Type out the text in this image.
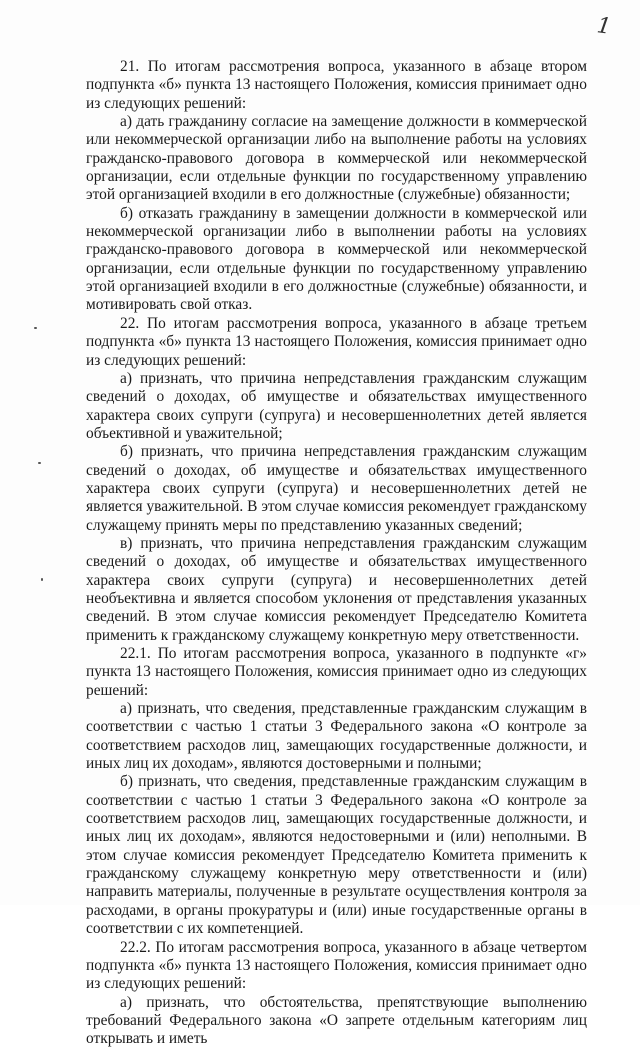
1

21. По итогам рассмотрения вопроса, указанного в абзаце втором подпункта «б» пункта 13 настоящего Положения, комиссия принимает одно из следующих решений:

а) дать гражданину согласие на замещение должности в коммерческой или некоммерческой организации либо на выполнение работы на условиях гражданско-правового договора в коммерческой или некоммерческой организации, если отдельные функции по государственному управлению этой организацией входили в его должностные (служебные) обязанности;

б) отказать гражданину в замещении должности в коммерческой или некоммерческой организации либо в выполнении работы на условиях гражданско-правового договора в коммерческой или некоммерческой организации, если отдельные функции по государственному управлению этой организацией входили в его должностные (служебные) обязанности, и мотивировать свой отказ.

22. По итогам рассмотрения вопроса, указанного в абзаце третьем подпункта «б» пункта 13 настоящего Положения, комиссия принимает одно из следующих решений:

а) признать, что причина непредставления гражданским служащим сведений о доходах, об имуществе и обязательствах имущественного характера своих супруги (супруга) и несовершеннолетних детей является объективной и уважительной;

б) признать, что причина непредставления гражданским служащим сведений о доходах, об имуществе и обязательствах имущественного характера своих супруги (супруга) и несовершеннолетних детей не является уважительной. В этом случае комиссия рекомендует гражданскому служащему принять меры по представлению указанных сведений;

в) признать, что причина непредставления гражданским служащим сведений о доходах, об имуществе и обязательствах имущественного характера своих супруги (супруга) и несовершеннолетних детей необъективна и является способом уклонения от представления указанных сведений. В этом случае комиссия рекомендует Председателю Комитета применить к гражданскому служащему конкретную меру ответственности.

22.1. По итогам рассмотрения вопроса, указанного в подпункте «г» пункта 13 настоящего Положения, комиссия принимает одно из следующих решений:

а) признать, что сведения, представленные гражданским служащим в соответствии с частью 1 статьи 3 Федерального закона «О контроле за соответствием расходов лиц, замещающих государственные должности, и иных лиц их доходам», являются достоверными и полными;

б) признать, что сведения, представленные гражданским служащим в соответствии с частью 1 статьи 3 Федерального закона «О контроле за соответствием расходов лиц, замещающих государственные должности, и иных лиц их доходам», являются недостоверными и (или) неполными. В этом случае комиссия рекомендует Председателю Комитета применить к гражданскому служащему конкретную меру ответственности и (или) направить материалы, полученные в результате осуществления контроля за расходами, в органы прокуратуры и (или) иные государственные органы в соответствии с их компетенцией.

22.2. По итогам рассмотрения вопроса, указанного в абзаце четвертом подпункта «б» пункта 13 настоящего Положения, комиссия принимает одно из следующих решений:

а) признать, что обстоятельства, препятствующие выполнению требований Федерального закона «О запрете отдельным категориям лиц открывать и иметь
